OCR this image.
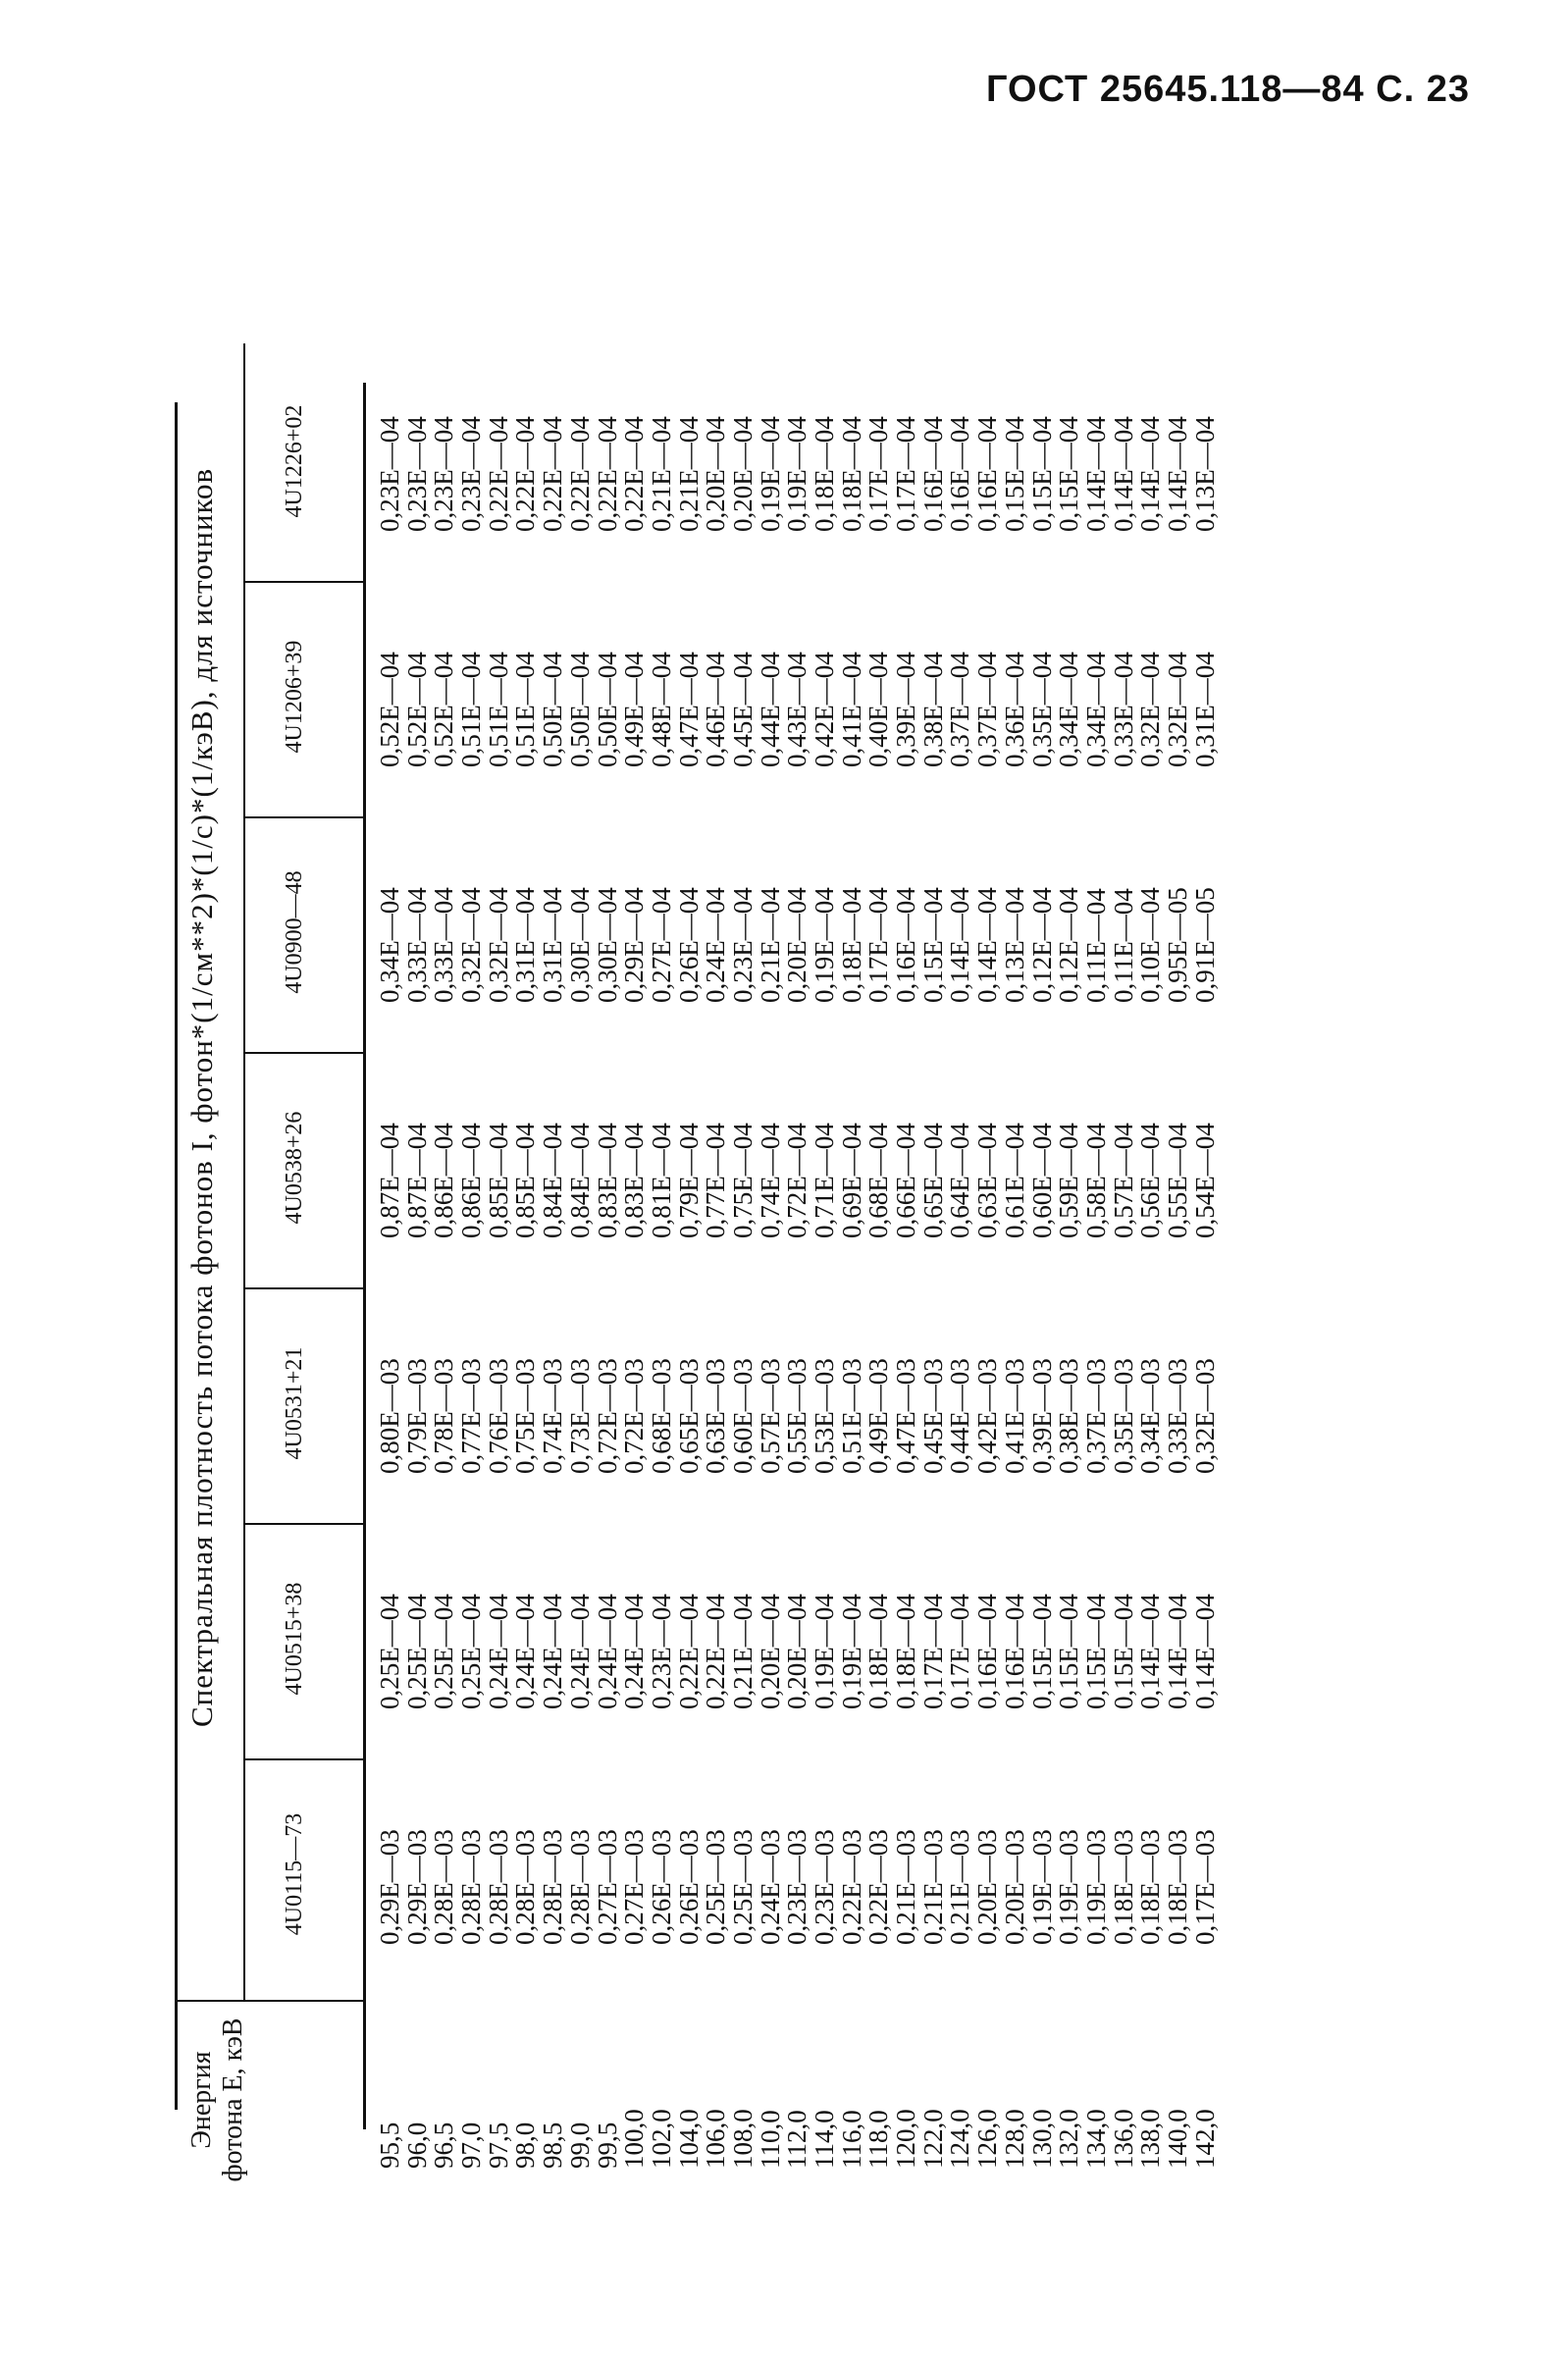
ГОСТ 25645.118—84 С. 23
Энергия фотона E, кэВ
Спектральная плотность потока фотонов I, фотон*(1/см**2)*(1/с)*(1/кэВ), для источников
4U0115—73
4U0515+38
4U0531+21
4U0538+26
4U0900—48
4U1206+39
4U1226+02
95,5
96,0
96,5
97,0
97,5
98,0
98,5
99,0
99,5
100,0
102,0
104,0
106,0
108,0
110,0
112,0
114,0
116,0
118,0
120,0
122,0
124,0
126,0
128,0
130,0
132,0
134,0
136,0
138,0
140,0
142,0
0,29E—03
0,29E—03
0,28E—03
0,28E—03
0,28E—03
0,28E—03
0,28E—03
0,28E—03
0,27E—03
0,27E—03
0,26E—03
0,26E—03
0,25E—03
0,25E—03
0,24E—03
0,23E—03
0,23E—03
0,22E—03
0,22E—03
0,21E—03
0,21E—03
0,21E—03
0,20E—03
0,20E—03
0,19E—03
0,19E—03
0,19E—03
0,18E—03
0,18E—03
0,18E—03
0,17E—03
0,25E—04
0,25E—04
0,25E—04
0,25E—04
0,24E—04
0,24E—04
0,24E—04
0,24E—04
0,24E—04
0,24E—04
0,23E—04
0,22E—04
0,22E—04
0,21E—04
0,20E—04
0,20E—04
0,19E—04
0,19E—04
0,18E—04
0,18E—04
0,17E—04
0,17E—04
0,16E—04
0,16E—04
0,15E—04
0,15E—04
0,15E—04
0,15E—04
0,14E—04
0,14E—04
0,14E—04
0,80E—03
0,79E—03
0,78E—03
0,77E—03
0,76E—03
0,75E—03
0,74E—03
0,73E—03
0,72E—03
0,72E—03
0,68E—03
0,65E—03
0,63E—03
0,60E—03
0,57E—03
0,55E—03
0,53E—03
0,51E—03
0,49E—03
0,47E—03
0,45E—03
0,44E—03
0,42E—03
0,41E—03
0,39E—03
0,38E—03
0,37E—03
0,35E—03
0,34E—03
0,33E—03
0,32E—03
0,87E—04
0,87E—04
0,86E—04
0,86E—04
0,85E—04
0,85E—04
0,84E—04
0,84E—04
0,83E—04
0,83E—04
0,81E—04
0,79E—04
0,77E—04
0,75E—04
0,74E—04
0,72E—04
0,71E—04
0,69E—04
0,68E—04
0,66E—04
0,65E—04
0,64E—04
0,63E—04
0,61E—04
0,60E—04
0,59E—04
0,58E—04
0,57E—04
0,56E—04
0,55E—04
0,54E—04
0,34E—04
0,33E—04
0,33E—04
0,32E—04
0,32E—04
0,31E—04
0,31E—04
0,30E—04
0,30E—04
0,29E—04
0,27E—04
0,26E—04
0,24E—04
0,23E—04
0,21E—04
0,20E—04
0,19E—04
0,18E—04
0,17E—04
0,16E—04
0,15E—04
0,14E—04
0,14E—04
0,13E—04
0,12E—04
0,12E—04
0,11E—04
0,11E—04
0,10E—04
0,95E—05
0,91E—05
0,52E—04
0,52E—04
0,52E—04
0,51E—04
0,51E—04
0,51E—04
0,50E—04
0,50E—04
0,50E—04
0,49E—04
0,48E—04
0,47E—04
0,46E—04
0,45E—04
0,44E—04
0,43E—04
0,42E—04
0,41E—04
0,40E—04
0,39E—04
0,38E—04
0,37E—04
0,37E—04
0,36E—04
0,35E—04
0,34E—04
0,34E—04
0,33E—04
0,32E—04
0,32E—04
0,31E—04
0,23E—04
0,23E—04
0,23E—04
0,23E—04
0,22E—04
0,22E—04
0,22E—04
0,22E—04
0,22E—04
0,22E—04
0,21E—04
0,21E—04
0,20E—04
0,20E—04
0,19E—04
0,19E—04
0,18E—04
0,18E—04
0,17E—04
0,17E—04
0,16E—04
0,16E—04
0,16E—04
0,15E—04
0,15E—04
0,15E—04
0,14E—04
0,14E—04
0,14E—04
0,14E—04
0,13E—04
